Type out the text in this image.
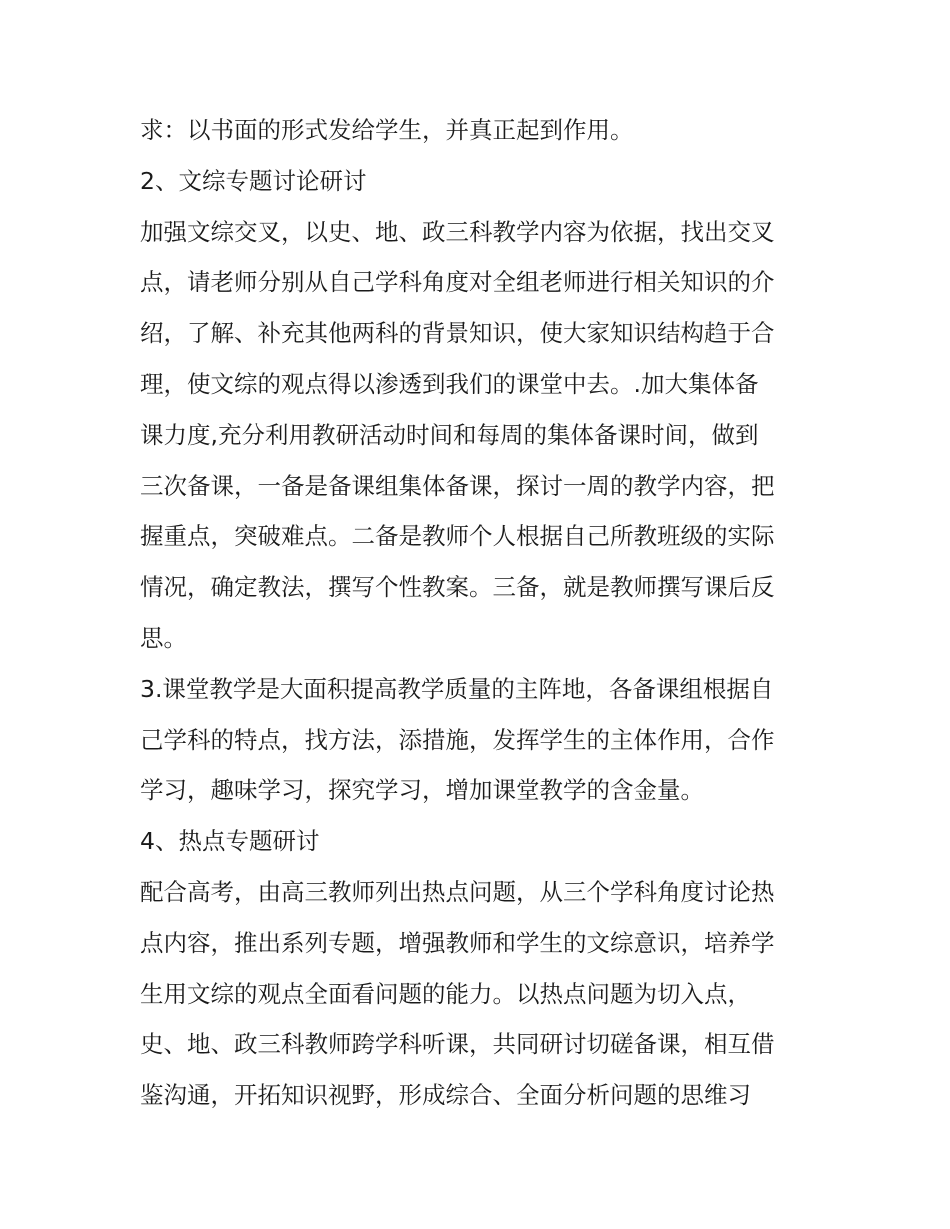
求：以书面的形式发给学生，并真正起到作用。
2、文综专题讨论研讨
加强文综交叉，以史、地、政三科教学内容为依据，找出交叉
点，请老师分别从自己学科角度对全组老师进行相关知识的介
绍，了解、补充其他两科的背景知识，使大家知识结构趋于合
理，使文综的观点得以渗透到我们的课堂中去。.加大集体备
课力度,充分利用教研活动时间和每周的集体备课时间，做到
三次备课，一备是备课组集体备课，探讨一周的教学内容，把
握重点，突破难点。二备是教师个人根据自己所教班级的实际
情况，确定教法，撰写个性教案。三备，就是教师撰写课后反
思。
3.课堂教学是大面积提高教学质量的主阵地，各备课组根据自
己学科的特点，找方法，添措施，发挥学生的主体作用，合作
学习，趣味学习，探究学习，增加课堂教学的含金量。
4、热点专题研讨
配合高考，由高三教师列出热点问题，从三个学科角度讨论热
点内容，推出系列专题，增强教师和学生的文综意识，培养学
生用文综的观点全面看问题的能力。以热点问题为切入点，
史、地、政三科教师跨学科听课，共同研讨切磋备课，相互借
鉴沟通，开拓知识视野，形成综合、全面分析问题的思维习
